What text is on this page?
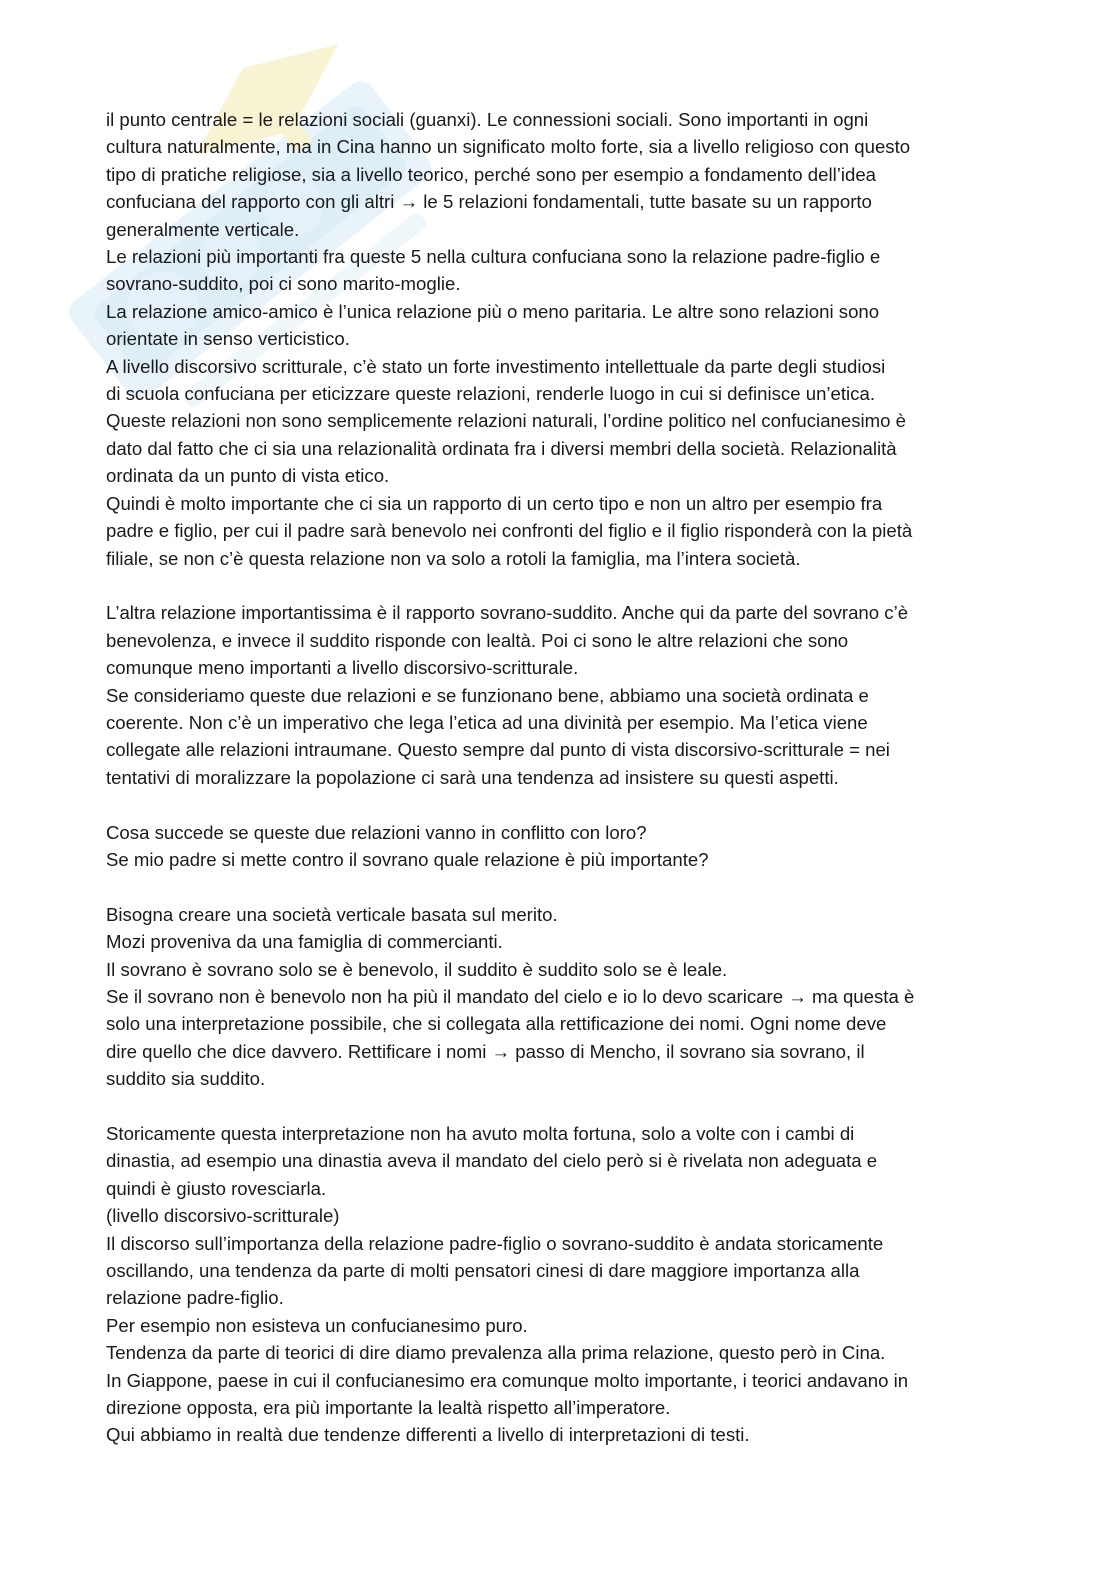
il punto centrale = le relazioni sociali (guanxi). Le connessioni sociali. Sono importanti in ogni
cultura naturalmente, ma in Cina hanno un significato molto forte, sia a livello religioso con questo
tipo di pratiche religiose, sia a livello teorico, perché sono per esempio a fondamento dell’idea
confuciana del rapporto con gli altri → le 5 relazioni fondamentali, tutte basate su un rapporto
generalmente verticale.
Le relazioni più importanti fra queste 5 nella cultura confuciana sono la relazione padre-figlio e
sovrano-suddito, poi ci sono marito-moglie.
La relazione amico-amico è l’unica relazione più o meno paritaria. Le altre sono relazioni sono
orientate in senso verticistico.
A livello discorsivo scritturale, c’è stato un forte investimento intellettuale da parte degli studiosi
di scuola confuciana per eticizzare queste relazioni, renderle luogo in cui si definisce un’etica.
Queste relazioni non sono semplicemente relazioni naturali, l’ordine politico nel confucianesimo è
dato dal fatto che ci sia una relazionalità ordinata fra i diversi membri della società. Relazionalità
ordinata da un punto di vista etico.
Quindi è molto importante che ci sia un rapporto di un certo tipo e non un altro per esempio fra
padre e figlio, per cui il padre sarà benevolo nei confronti del figlio e il figlio risponderà con la pietà
filiale, se non c’è questa relazione non va solo a rotoli la famiglia, ma l’intera società.
L’altra relazione importantissima è il rapporto sovrano-suddito. Anche qui da parte del sovrano c’è
benevolenza, e invece il suddito risponde con lealtà. Poi ci sono le altre relazioni che sono
comunque meno importanti a livello discorsivo-scritturale.
Se consideriamo queste due relazioni e se funzionano bene, abbiamo una società ordinata e
coerente. Non c’è un imperativo che lega l’etica ad una divinità per esempio. Ma l’etica viene
collegate alle relazioni intraumane. Questo sempre dal punto di vista discorsivo-scritturale = nei
tentativi di moralizzare la popolazione ci sarà una tendenza ad insistere su questi aspetti.
Cosa succede se queste due relazioni vanno in conflitto con loro?
Se mio padre si mette contro il sovrano quale relazione è più importante?
Bisogna creare una società verticale basata sul merito.
Mozi proveniva da una famiglia di commercianti.
Il sovrano è sovrano solo se è benevolo, il suddito è suddito solo se è leale.
Se il sovrano non è benevolo non ha più il mandato del cielo e io lo devo scaricare → ma questa è
solo una interpretazione possibile, che si collegata alla rettificazione dei nomi. Ogni nome deve
dire quello che dice davvero. Rettificare i nomi → passo di Mencho, il sovrano sia sovrano, il
suddito sia suddito.
Storicamente questa interpretazione non ha avuto molta fortuna, solo a volte con i cambi di
dinastia, ad esempio una dinastia aveva il mandato del cielo però si è rivelata non adeguata e
quindi è giusto rovesciarla.
(livello discorsivo-scritturale)
Il discorso sull’importanza della relazione padre-figlio o sovrano-suddito è andata storicamente
oscillando, una tendenza da parte di molti pensatori cinesi di dare maggiore importanza alla
relazione padre-figlio.
Per esempio non esisteva un confucianesimo puro.
Tendenza da parte di teorici di dire diamo prevalenza alla prima relazione, questo però in Cina.
In Giappone, paese in cui il confucianesimo era comunque molto importante, i teorici andavano in
direzione opposta, era più importante la lealtà rispetto all’imperatore.
Qui abbiamo in realtà due tendenze differenti a livello di interpretazioni di testi.
